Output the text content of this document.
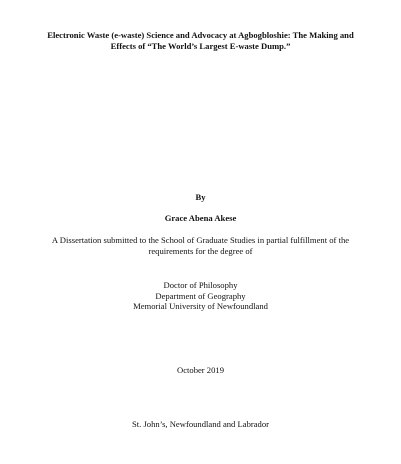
Electronic Waste (e-waste) Science and Advocacy at Agbogbloshie: The Making and
Effects of “The World’s Largest E-waste Dump.”
By
Grace Abena Akese
A Dissertation submitted to the School of Graduate Studies in partial fulfillment of the
requirements for the degree of
Doctor of Philosophy
Department of Geography
Memorial University of Newfoundland
October 2019
St. John’s, Newfoundland and Labrador
